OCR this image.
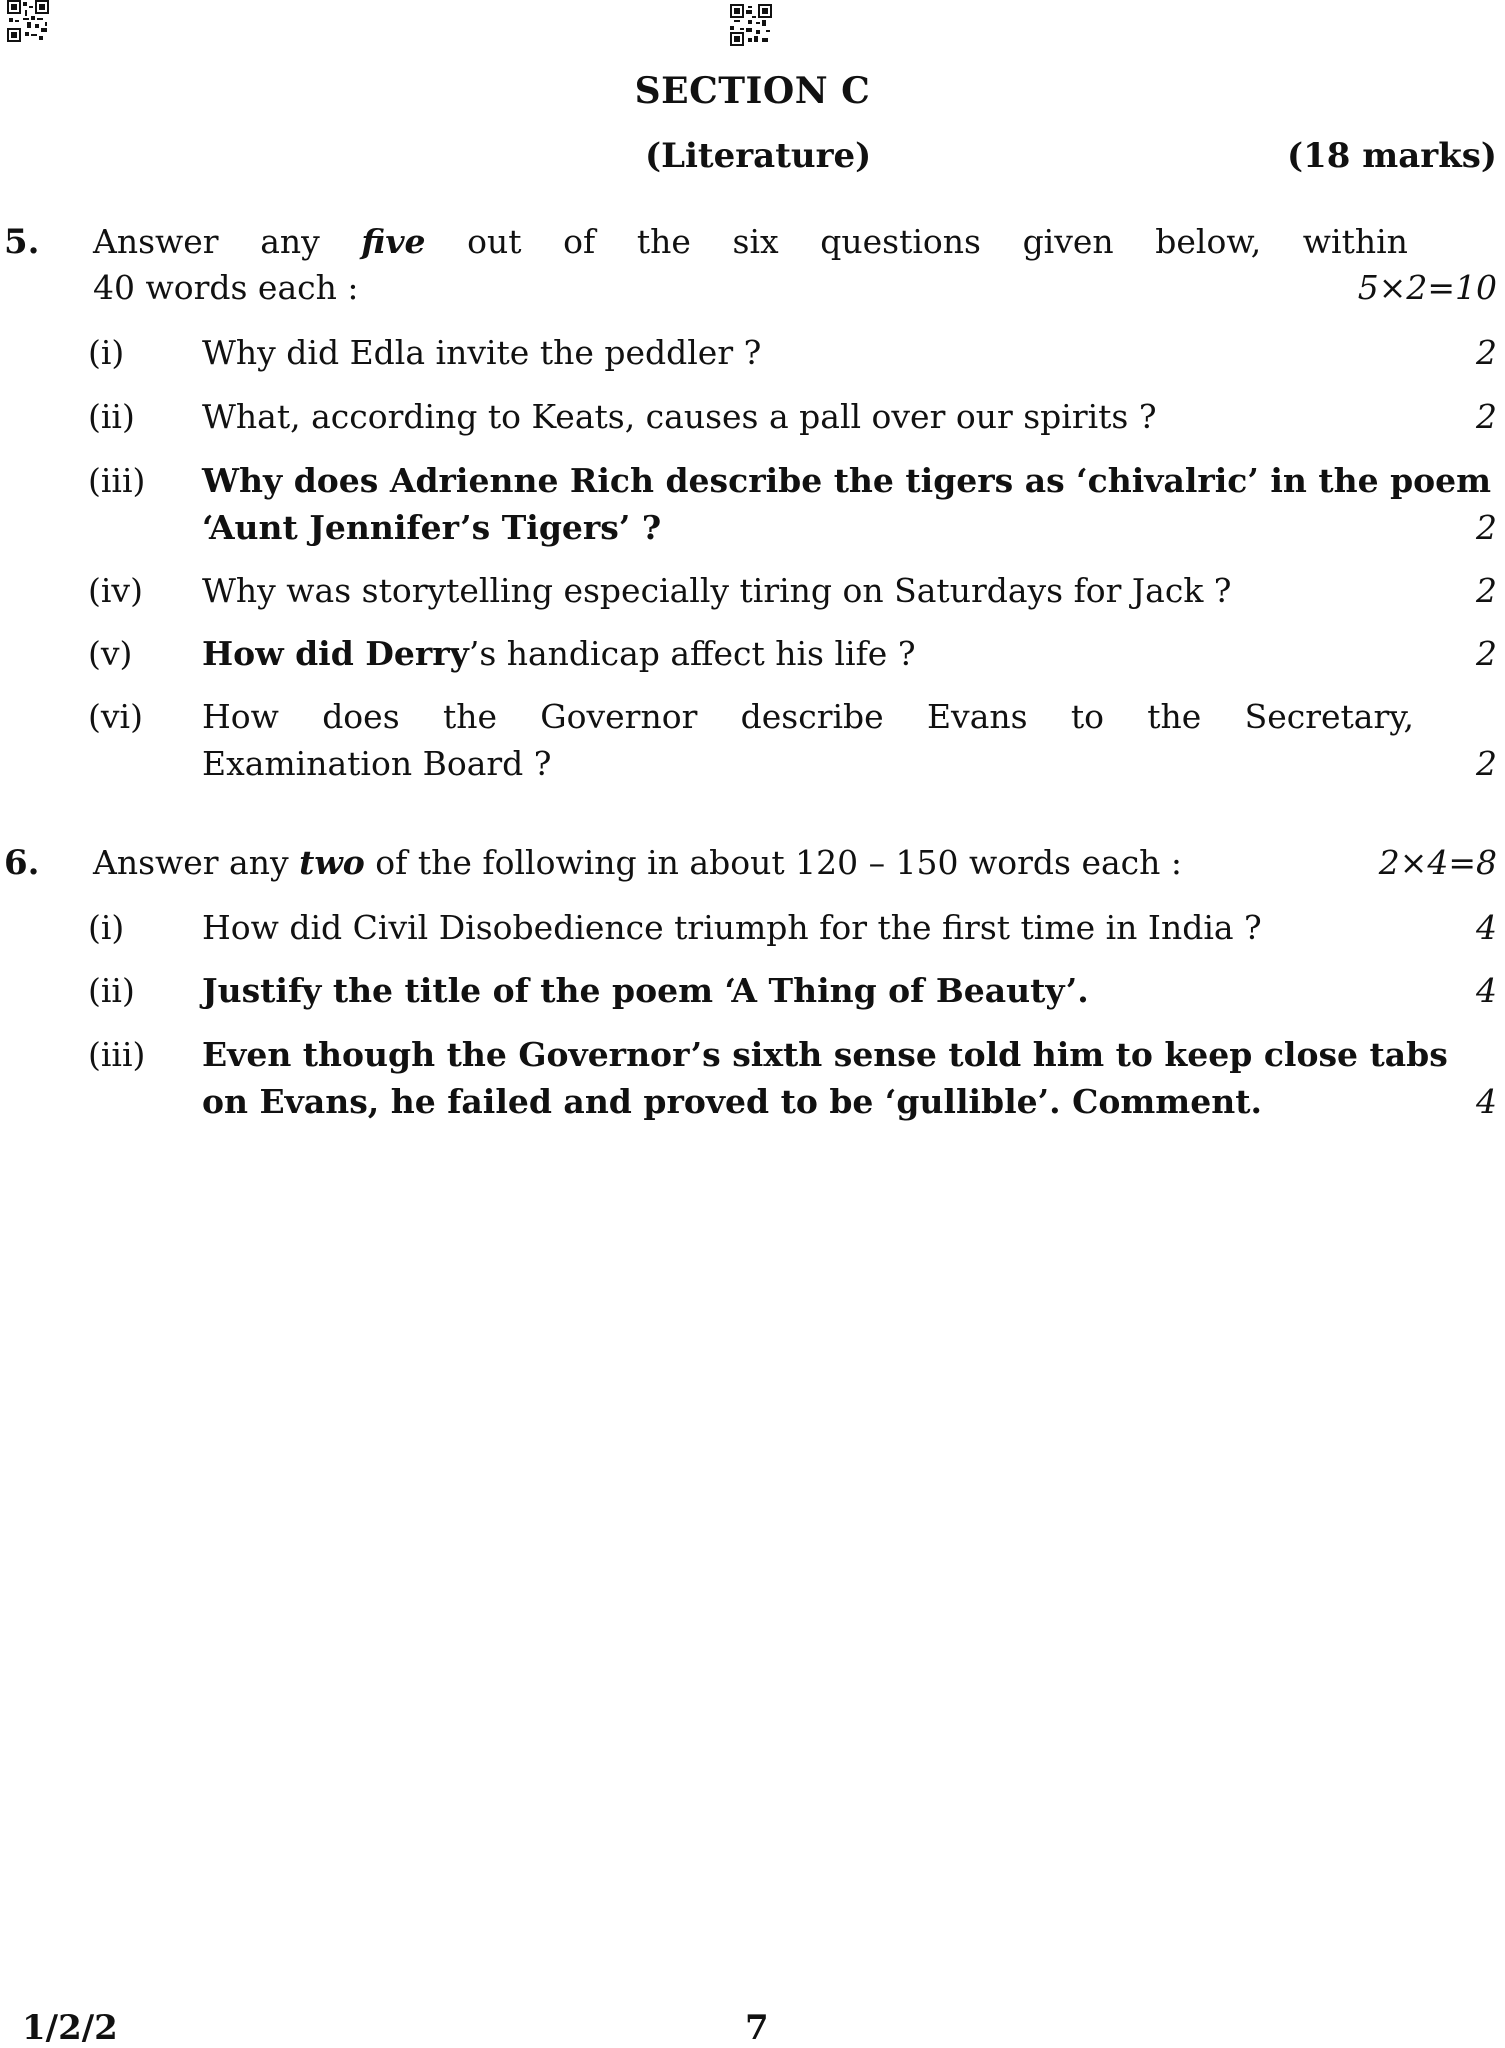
SECTION C
(Literature)	(18 marks)
5. Answer any five out of the six questions given below, within
40 words each :	5×2=10
(i) Why did Edla invite the peddler ?	2
(ii) What, according to Keats, causes a pall over our spirits ?	2
(iii) Why does Adrienne Rich describe the tigers as ‘chivalric’ in the poem
‘Aunt Jennifer’s Tigers’ ?	2
(iv) Why was storytelling especially tiring on Saturdays for Jack ?	2
(v) How did Derry’s handicap affect his life ?	2
(vi) How does the Governor describe Evans to the Secretary,
Examination Board ?	2
6. Answer any two of the following in about 120 – 150 words each :	2×4=8
(i) How did Civil Disobedience triumph for the first time in India ?	4
(ii) Justify the title of the poem ‘A Thing of Beauty’.	4
(iii) Even though the Governor’s sixth sense told him to keep close tabs
on Evans, he failed and proved to be ‘gullible’. Comment.	4
1/2/2	7
